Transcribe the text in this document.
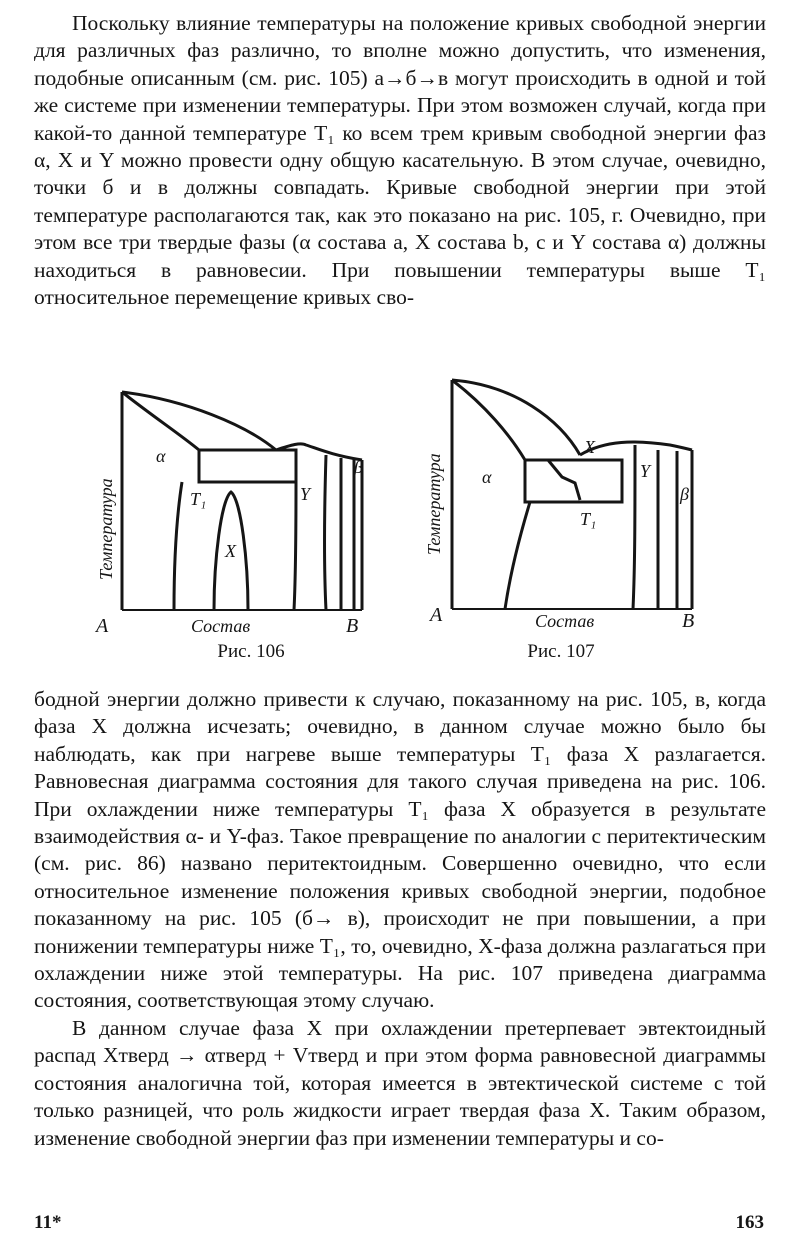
Поскольку влияние температуры на положение кривых свободной энергии для различных фаз различно, то вполне можно допустить, что изменения, подобные описанным (см. рис. 105) а→б→в могут происходить в одной и той же системе при изменении температуры. При этом возможен случай, когда при какой-то данной температуре T₁ ко всем трем кривым свободной энергии фаз α, X и Y можно провести одну общую касательную. В этом случае, очевидно, точки б и в должны совпадать. Кривые свободной энергии при этой температуре располагаются так, как это показано на рис. 105, г. Очевидно, при этом все три твердые фазы (α состава a, X состава b, c и Y состава α) должны находиться в равновесии. При повышении температуры выше T₁ относительное перемещение кривых сво-

α
T₁
X
Y
β
A	B
Состав
Температура
α
X
T₁
Y
β
A	B
Состав
Температура
Рис. 106	Рис. 107

бодной энергии должно привести к случаю, показанному на рис. 105, в, когда фаза X должна исчезать; очевидно, в данном случае можно было бы наблюдать, как при нагреве выше температуры T₁ фаза X разлагается. Равновесная диаграмма состояния для такого случая приведена на рис. 106. При охлаждении ниже температуры T₁ фаза X образуется в результате взаимодействия α- и Y-фаз. Такое превращение по аналогии с перитектическим (см. рис. 86) названо перитектоидным. Совершенно очевидно, что если относительное изменение положения кривых свободной энергии, подобное показанному на рис. 105 (б→ в), происходит не при повышении, а при понижении температуры ниже T₁, то, очевидно, X-фаза должна разлагаться при охлаждении ниже этой температуры. На рис. 107 приведена диаграмма состояния, соответствующая этому случаю.

В данном случае фаза X при охлаждении претерпевает эвтектоидный распад Xтверд → αтверд + Vтверд и при этом форма равновесной диаграммы состояния аналогична той, которая имеется в эвтектической системе с той только разницей, что роль жидкости играет твердая фаза X. Таким образом, изменение свободной энергии фаз при изменении температуры и со-

11*	163
